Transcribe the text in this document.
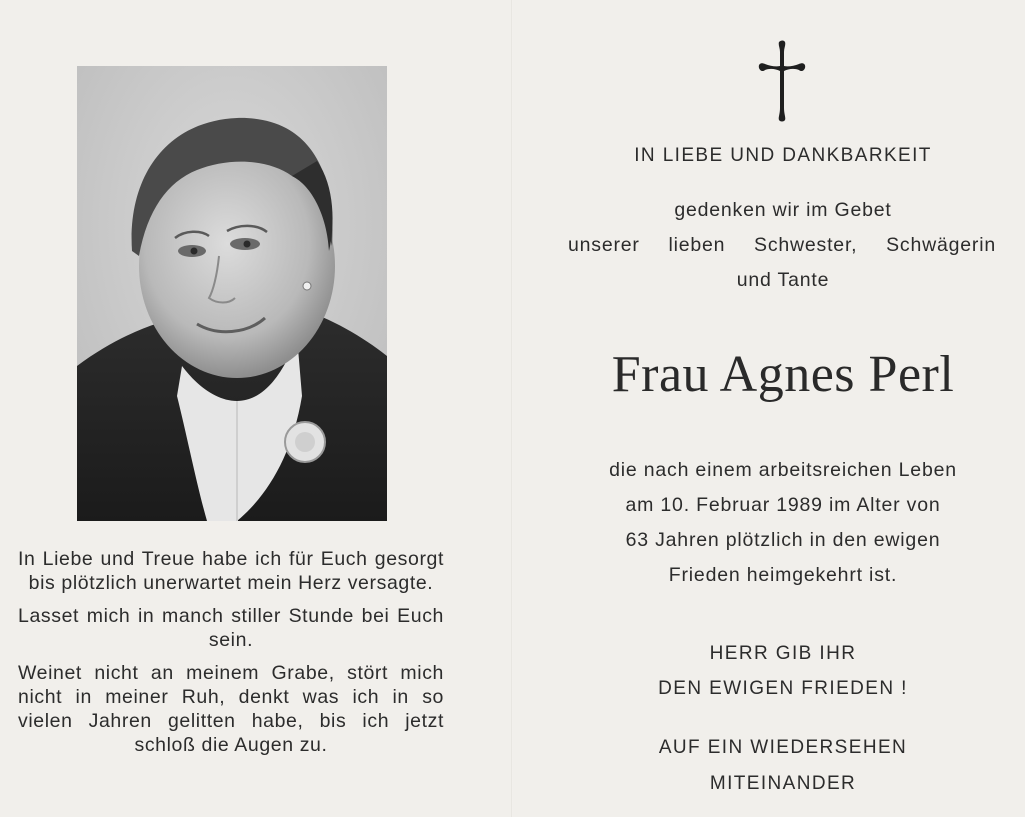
In Liebe und Treue habe ich für Euch gesorgt bis plötzlich unerwartet mein Herz versagte.

Lasset mich in manch stiller Stunde bei Euch sein.

Weinet nicht an meinem Grabe, stört mich nicht in meiner Ruh, denkt was ich in so vielen Jahren gelitten habe, bis ich jetzt schloß die Augen zu.

IN LIEBE UND DANKBARKEIT
gedenken wir im Gebet
unserer lieben Schwester, Schwägerin
und Tante
Frau Agnes Perl
die nach einem arbeitsreichen Leben
am 10. Februar 1989 im Alter von
63 Jahren plötzlich in den ewigen
Frieden heimgekehrt ist.
HERR GIB IHR
DEN EWIGEN FRIEDEN !
AUF EIN WIEDERSEHEN
MITEINANDER
